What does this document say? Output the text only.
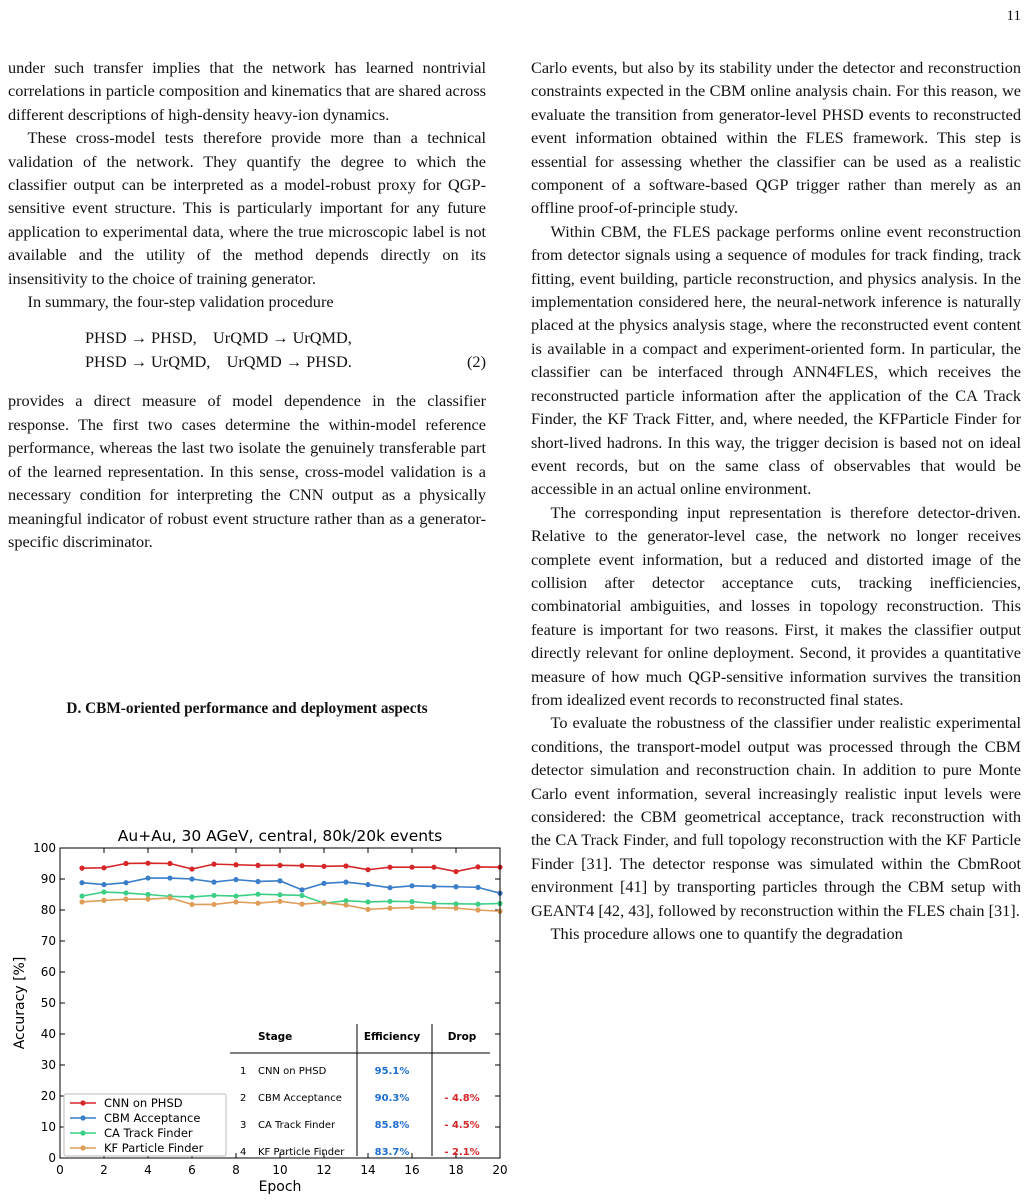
11

under such transfer implies that the network has learned nontrivial correlations in particle composition and kinematics that are shared across different descriptions of high-density heavy-ion dynamics.

These cross-model tests therefore provide more than a technical validation of the network. They quantify the degree to which the classifier output can be interpreted as a model-robust proxy for QGP-sensitive event structure. This is particularly important for any future application to experimental data, where the true microscopic label is not available and the utility of the method depends directly on its insensitivity to the choice of training generator.

In summary, the four-step validation procedure

PHSD → PHSD,    UrQMD → UrQMD,
PHSD → UrQMD,    UrQMD → PHSD.	(2)

provides a direct measure of model dependence in the classifier response. The first two cases determine the within-model reference performance, whereas the last two isolate the genuinely transferable part of the learned representation. In this sense, cross-model validation is a necessary condition for interpreting the CNN output as a physically meaningful indicator of robust event structure rather than as a generator-specific discriminator.

D. CBM-oriented performance and deployment aspects
Au+Au, 30 AGeV, central, 80k/20k events
0
10
20
30
40
50
60
70
80
90
100
0	2	4	6	8	10 12 14 16 18 20
Stage	Efficiency	Drop
1 CNN on PHSD	95.1%
2 CBM Acceptance	90.3%	- 4.8%
3 CA Track Finder	85.8%	- 4.5%
4 KF Particle Finder	83.7%	- 2.1%
CNN on PHSD
CBM Acceptance
CA Track Finder
KF Particle Finder
Epoch
Accuracy [%]

Carlo events, but also by its stability under the detector and reconstruction constraints expected in the CBM online analysis chain. For this reason, we evaluate the transition from generator-level PHSD events to reconstructed event information obtained within the FLES framework. This step is essential for assessing whether the classifier can be used as a realistic component of a software-based QGP trigger rather than merely as an offline proof-of-principle study.

Within CBM, the FLES package performs online event reconstruction from detector signals using a sequence of modules for track finding, track fitting, event building, particle reconstruction, and physics analysis. In the implementation considered here, the neural-network inference is naturally placed at the physics analysis stage, where the reconstructed event content is available in a compact and experiment-oriented form. In particular, the classifier can be interfaced through ANN4FLES, which receives the reconstructed particle information after the application of the CA Track Finder, the KF Track Fitter, and, where needed, the KFParticle Finder for short-lived hadrons. In this way, the trigger decision is based not on ideal event records, but on the same class of observables that would be accessible in an actual online environment.

The corresponding input representation is therefore detector-driven. Relative to the generator-level case, the network no longer receives complete event information, but a reduced and distorted image of the collision after detector acceptance cuts, tracking inefficiencies, combinatorial ambiguities, and losses in topology reconstruction. This feature is important for two reasons. First, it makes the classifier output directly relevant for online deployment. Second, it provides a quantitative measure of how much QGP-sensitive information survives the transition from idealized event records to reconstructed final states.

To evaluate the robustness of the classifier under realistic experimental conditions, the transport-model output was processed through the CBM detector simulation and reconstruction chain. In addition to pure Monte Carlo event information, several increasingly realistic input levels were considered: the CBM geometrical acceptance, track reconstruction with the CA Track Finder, and full topology reconstruction with the KF Particle Finder [31]. The detector response was simulated within the CbmRoot environment [41] by transporting particles through the CBM setup with GEANT4 [42, 43], followed by reconstruction within the FLES chain [31].

This procedure allows one to quantify the degradation
